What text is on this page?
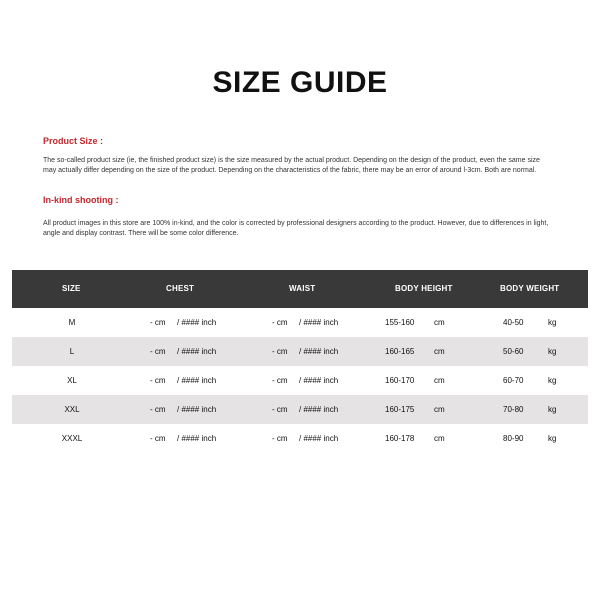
SIZE GUIDE
Product Size :
The so-called product size (ie, the finished product size) is the size measured by the actual product. Depending on the design of the product, even the same size may actually differ depending on the size of the product. Depending on the characteristics of the fabric, there may be an error of around l-3cm. Both are normal.
In-kind shooting :
All product images in this store are 100% in-kind, and the color is corrected by professional designers according to the product. However, due to differences in light, angle and display contrast. There will be some color difference.
SIZE	CHEST	WAIST	BODY HEIGHT	BODY WEIGHT
M	- cm / #### inch	- cm / #### inch	155-160 cm	40-50	kg
L	- cm / #### inch	- cm / #### inch	160-165 cm	50-60	kg
XL	- cm / #### inch	- cm / #### inch	160-170 cm	60-70	kg
XXL	- cm / #### inch	- cm / #### inch	160-175 cm	70-80	kg
XXXL	- cm / #### inch	- cm / #### inch	160-178 cm	80-90	kg
